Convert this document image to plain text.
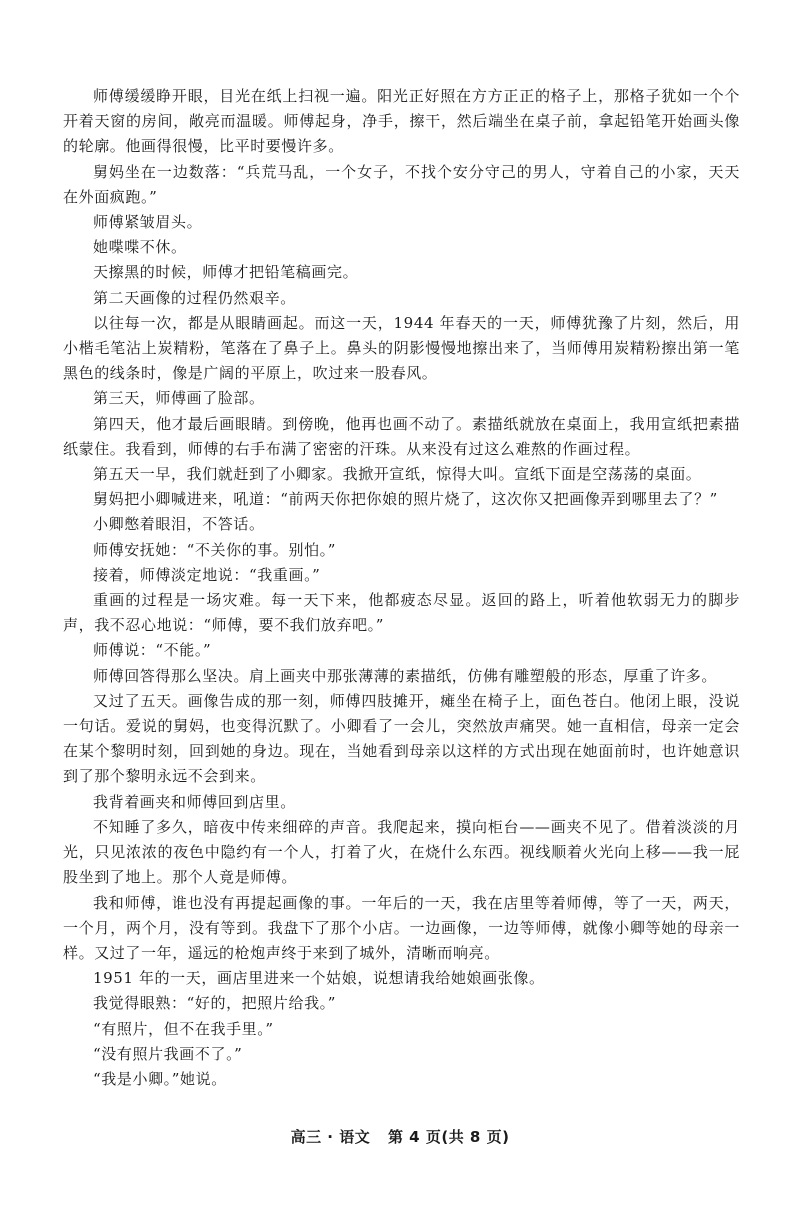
师傅缓缓睁开眼，目光在纸上扫视一遍。阳光正好照在方方正正的格子上，那格子犹如一个个开着天窗的房间，敞亮而温暖。师傅起身，净手，擦干，然后端坐在桌子前，拿起铅笔开始画头像的轮廓。他画得很慢，比平时要慢许多。

舅妈坐在一边数落：“兵荒马乱，一个女子，不找个安分守己的男人，守着自己的小家，天天在外面疯跑。”

师傅紧皱眉头。

她喋喋不休。

天擦黑的时候，师傅才把铅笔稿画完。

第二天画像的过程仍然艰辛。

以往每一次，都是从眼睛画起。而这一天，1944 年春天的一天，师傅犹豫了片刻，然后，用小楷毛笔沾上炭精粉，笔落在了鼻子上。鼻头的阴影慢慢地擦出来了，当师傅用炭精粉擦出第一笔黑色的线条时，像是广阔的平原上，吹过来一股春风。

第三天，师傅画了脸部。

第四天，他才最后画眼睛。到傍晚，他再也画不动了。素描纸就放在桌面上，我用宣纸把素描纸蒙住。我看到，师傅的右手布满了密密的汗珠。从来没有过这么难熬的作画过程。

第五天一早，我们就赶到了小卿家。我掀开宣纸，惊得大叫。宣纸下面是空荡荡的桌面。

舅妈把小卿喊进来，吼道：“前两天你把你娘的照片烧了，这次你又把画像弄到哪里去了？”

小卿憋着眼泪，不答话。

师傅安抚她：“不关你的事。别怕。”

接着，师傅淡定地说：“我重画。”

重画的过程是一场灾难。每一天下来，他都疲态尽显。返回的路上，听着他软弱无力的脚步声，我不忍心地说：“师傅，要不我们放弃吧。”

师傅说：“不能。”

师傅回答得那么坚决。肩上画夹中那张薄薄的素描纸，仿佛有雕塑般的形态，厚重了许多。

又过了五天。画像告成的那一刻，师傅四肢摊开，瘫坐在椅子上，面色苍白。他闭上眼，没说一句话。爱说的舅妈，也变得沉默了。小卿看了一会儿，突然放声痛哭。她一直相信，母亲一定会在某个黎明时刻，回到她的身边。现在，当她看到母亲以这样的方式出现在她面前时，也许她意识到了那个黎明永远不会到来。

我背着画夹和师傅回到店里。

不知睡了多久，暗夜中传来细碎的声音。我爬起来，摸向柜台——画夹不见了。借着淡淡的月光，只见浓浓的夜色中隐约有一个人，打着了火，在烧什么东西。视线顺着火光向上移——我一屁股坐到了地上。那个人竟是师傅。

我和师傅，谁也没有再提起画像的事。一年后的一天，我在店里等着师傅，等了一天，两天，一个月，两个月，没有等到。我盘下了那个小店。一边画像，一边等师傅，就像小卿等她的母亲一样。又过了一年，遥远的枪炮声终于来到了城外，清晰而响亮。

1951 年的一天，画店里进来一个姑娘，说想请我给她娘画张像。

我觉得眼熟：“好的，把照片给我。”

“有照片，但不在我手里。”

“没有照片我画不了。”

“我是小卿。”她说。

高三 · 语文 第 4 页(共 8 页)
